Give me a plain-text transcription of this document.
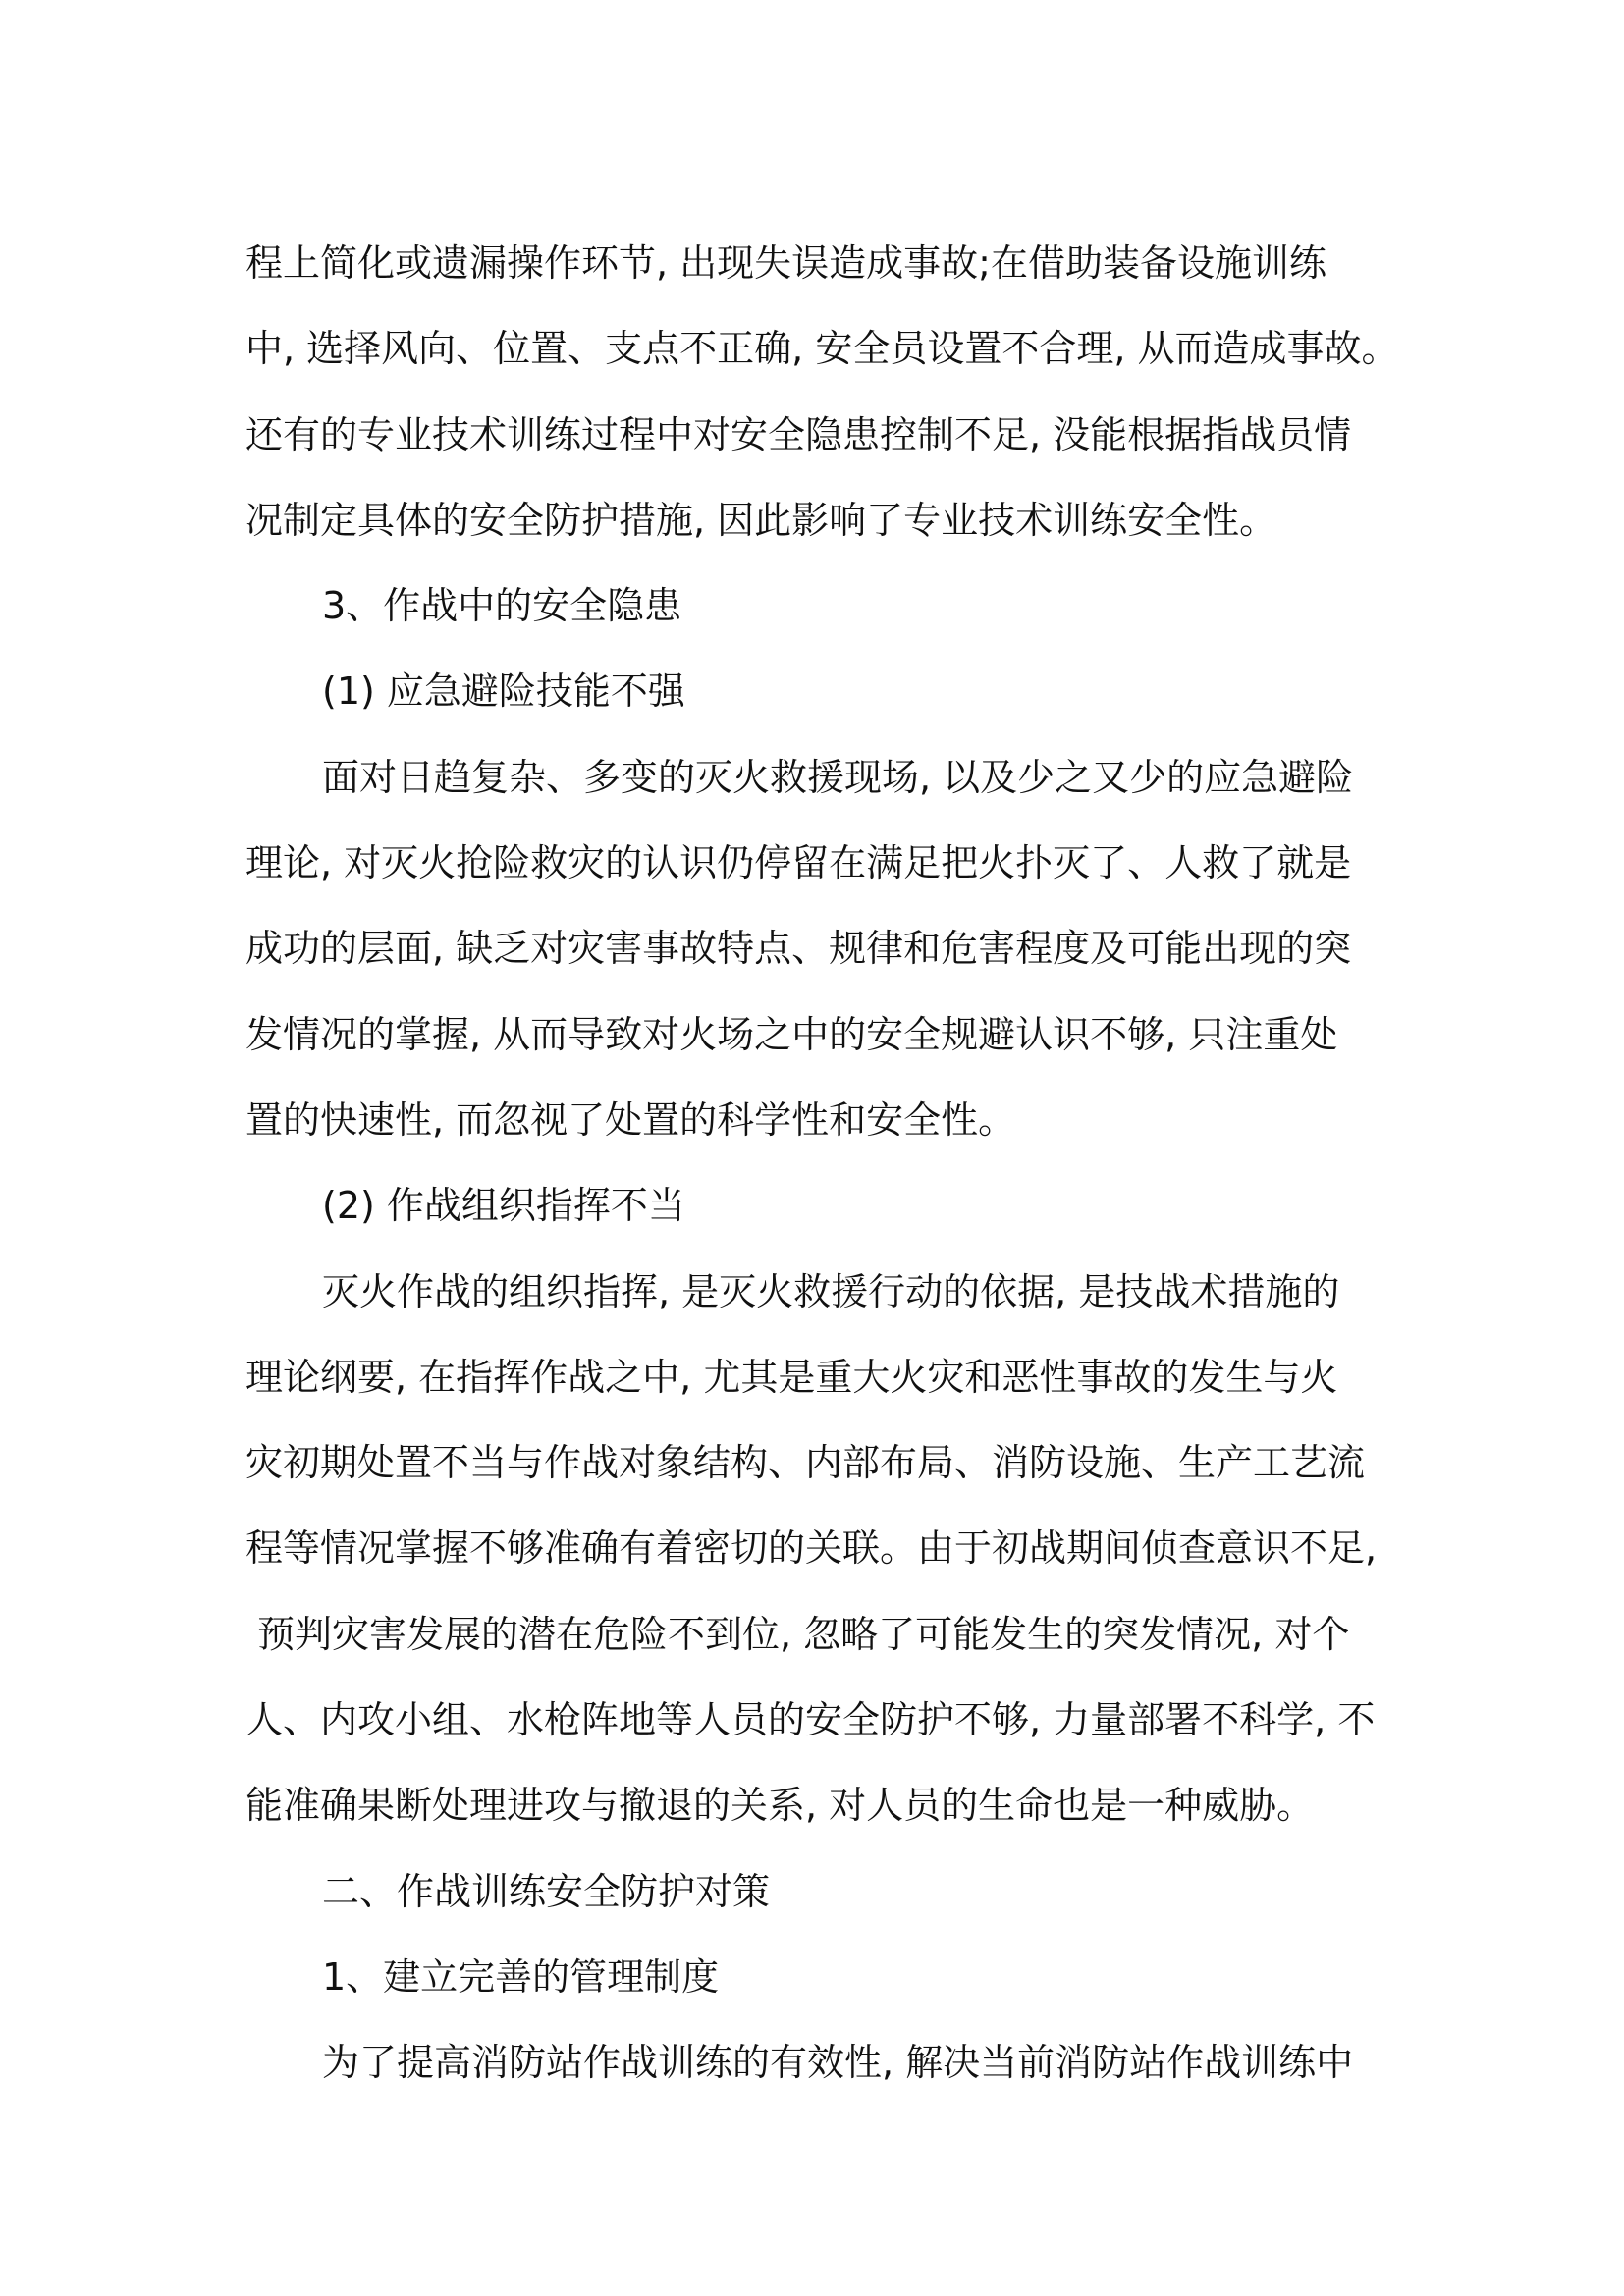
程上简化或遗漏操作环节, 出现失误造成事故;在借助装备设施训练
中, 选择风向、位置、支点不正确, 安全员设置不合理, 从而造成事故。
还有的专业技术训练过程中对安全隐患控制不足, 没能根据指战员情
况制定具体的安全防护措施, 因此影响了专业技术训练安全性。
3、作战中的安全隐患
(1) 应急避险技能不强
面对日趋复杂、多变的灭火救援现场, 以及少之又少的应急避险
理论, 对灭火抢险救灾的认识仍停留在满足把火扑灭了、人救了就是
成功的层面, 缺乏对灾害事故特点、规律和危害程度及可能出现的突
发情况的掌握, 从而导致对火场之中的安全规避认识不够, 只注重处
置的快速性, 而忽视了处置的科学性和安全性。
(2) 作战组织指挥不当
灭火作战的组织指挥, 是灭火救援行动的依据, 是技战术措施的
理论纲要, 在指挥作战之中, 尤其是重大火灾和恶性事故的发生与火
灾初期处置不当与作战对象结构、内部布局、消防设施、生产工艺流
程等情况掌握不够准确有着密切的关联。由于初战期间侦查意识不足,
预判灾害发展的潜在危险不到位, 忽略了可能发生的突发情况, 对个
人、内攻小组、水枪阵地等人员的安全防护不够, 力量部署不科学, 不
能准确果断处理进攻与撤退的关系, 对人员的生命也是一种威胁。
二、作战训练安全防护对策
1、建立完善的管理制度
为了提高消防站作战训练的有效性, 解决当前消防站作战训练中
